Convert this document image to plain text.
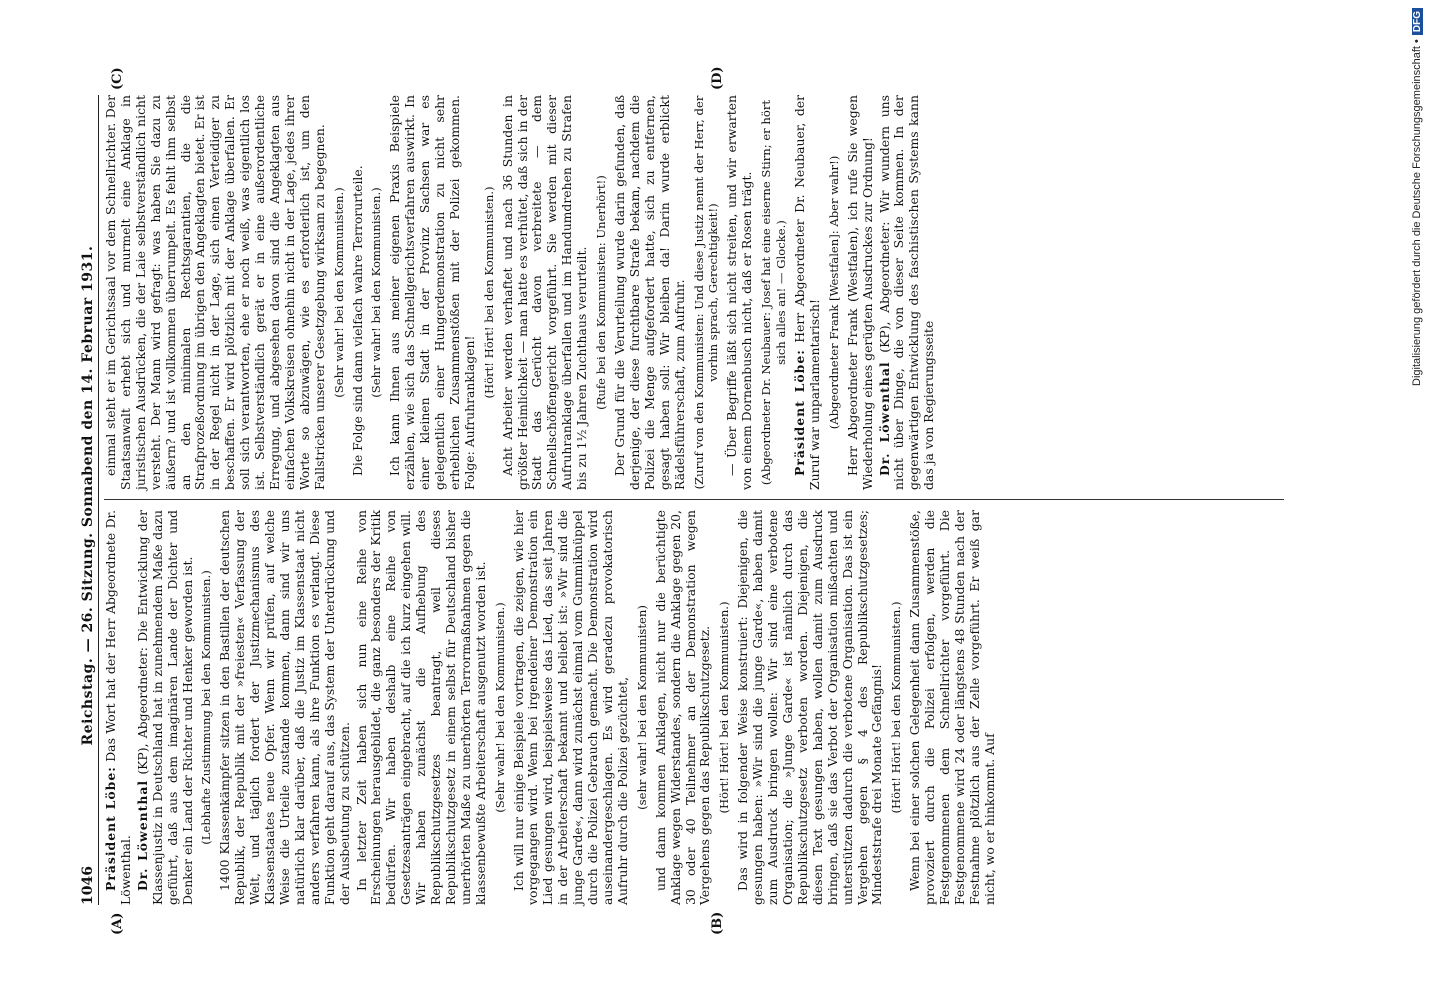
1046
Reichstag. — 26. Sitzung. Sonnabend den 14. Februar 1931.

Präsident Löbe: Das Wort hat der Herr Abgeordnete Dr. Löwenthal. Dr. Löwenthal (KP), Abgeordneter: Die Entwicklung der Klassenjustiz in Deutschland hat in zunehmendem Maße dazu geführt, daß aus dem imaginären Lande der Dichter und Denker ein Land der Richter und Henker geworden ist. (Lebhafte Zustimmung bei den Kommunisten.) 1400 Klassenkämpfer sitzen in den Bastillen der deutschen Republik, der Republik mit der »freiesten« Verfassung der Welt, und täglich fordert der Justizmechanismus des Klassenstaates neue Opfer. Wenn wir prüfen, auf welche Weise die Urteile zustande kommen, dann sind wir uns natürlich klar darüber, daß die Justiz im Klassenstaat nicht anders verfahren kann, als ihre Funktion es verlangt. Diese Funktion geht darauf aus, das System der Unterdrückung und der Ausbeutung zu schützen. In letzter Zeit haben sich nun eine Reihe von Erscheinungen herausgebildet, die ganz besonders der Kritik bedürfen. Wir haben deshalb eine Reihe von Gesetzesanträgen eingebracht, auf die ich kurz eingehen will. Wir haben zunächst die Aufhebung des Republikschutzgesetzes beantragt, weil dieses Republikschutzgesetz in einem selbst für Deutschland bisher unerhörten Maße zu unerhörten Terrormaßnahmen gegen die klassenbewußte Arbeiterschaft ausgenutzt worden ist. (Sehr wahr! bei den Kommunisten.) Ich will nur einige Beispiele vortragen, die zeigen, wie hier vorgegangen wird. Wenn bei irgendeiner Demonstration ein Lied gesungen wird, beispielsweise das Lied, das seit Jahren in der Arbeiterschaft bekannt und beliebt ist: »Wir sind die junge Garde«, dann wird zunächst einmal vom Gummiknüppel durch die Polizei Gebrauch gemacht. Die Demonstration wird auseinandergeschlagen. Es wird geradezu provokatorisch Aufruhr durch die Polizei gezüchtet, (sehr wahr! bei den Kommunisten) und dann kommen Anklagen, nicht nur die berüchtigte Anklage wegen Widerstandes, sondern die Anklage gegen 20, 30 oder 40 Teilnehmer an der Demonstration wegen Vergehens gegen das Republikschutzgesetz. (Hört! Hört! bei den Kommunisten.) Das wird in folgender Weise konstruiert: Diejenigen, die gesungen haben: »Wir sind die junge Garde«, haben damit zum Ausdruck bringen wollen: Wir sind eine verbotene Organisation; die »Junge Garde« ist nämlich durch das Republikschutzgesetz verboten worden. Diejenigen, die diesen Text gesungen haben, wollen damit zum Ausdruck bringen, daß sie das Verbot der Organisation mißachten und unterstützen dadurch die verbotene Organisation. Das ist ein Vergehen gegen § 4 des Republikschutzgesetzes; Mindeststrafe drei Monate Gefängnis! (Hört! Hört! bei den Kommunisten.) Wenn bei einer solchen Gelegenheit dann Zusammenstöße, provoziert durch die Polizei erfolgen, werden die Festgenommenen dem Schnellrichter vorgeführt. Die Festgenommene wird 24 oder längstens 48 Stunden nach der Festnahme plötzlich aus der Zelle vorgeführt. Er weiß gar nicht, wo er hinkommt. Auf

einmal steht er im Gerichtssaal vor dem Schnellrichter. Der Staatsanwalt erhebt sich und murmelt eine Anklage in juristischen Ausdrücken, die der Laie selbstverständlich nicht versteht. Der Mann wird gefragt: was haben Sie dazu zu äußern? und ist vollkommen überrumpelt. Es fehlt ihm selbst an den minimalen Rechtsgarantien, die die Strafprozeßordnung im übrigen den Angeklagten bietet. Er ist in der Regel nicht in der Lage, sich einen Verteidiger zu beschaffen. Er wird plötzlich mit der Anklage überfallen. Er soll sich verantworten, ehe er noch weiß, was eigentlich los ist. Selbstverständlich gerät er in eine außerordentliche Erregung, und abgesehen davon sind die Angeklagten aus einfachen Volkskreisen ohnehin nicht in der Lage, jedes ihrer Worte so abzuwägen, wie es erforderlich ist, um den Fallstricken unserer Gesetzgebung wirksam zu begegnen. (Sehr wahr! bei den Kommunisten.) Die Folge sind dann vielfach wahre Terrorurteile. (Sehr wahr! bei den Kommunisten.) Ich kann Ihnen aus meiner eigenen Praxis Beispiele erzählen, wie sich das Schnellgerichtsverfahren auswirkt. In einer kleinen Stadt in der Provinz Sachsen war es gelegentlich einer Hungerdemonstration zu nicht sehr erheblichen Zusammenstößen mit der Polizei gekommen. Folge: Aufruhranklagen!

(Hört! Hört! bei den Kommunisten.) Acht Arbeiter werden verhaftet und nach 36 Stunden in größter Heimlichkeit — man hatte es verhütet, daß sich in der Stadt das Gerücht davon verbreitete — dem Schnellschöffengericht vorgeführt. Sie werden mit dieser Aufruhranklage überfallen und im Handumdrehen zu Strafen bis zu 1½ Jahren Zuchthaus verurteilt. (Rufe bei den Kommunisten: Unerhört!) Der Grund für die Verurteilung wurde darin gefunden, daß derjenige, der diese furchtbare Strafe bekam, nachdem die Polizei die Menge aufgefordert hatte, sich zu entfernen, gesagt haben soll: Wir bleiben da! Darin wurde erblickt Rädelsführerschaft, zum Aufruhr. (Zuruf von den Kommunisten: Und diese Justiz nennt der Herr, der vorhin sprach, Gerechtigkeit!) — Über Begriffe läßt sich nicht streiten, und wir erwarten von einem Dornenbusch nicht, daß er Rosen trägt. (Abgeordneter Dr. Neubauer: Josef hat eine eiserne Stirn; er hört sich alles an! — Glocke.)

Präsident Löbe: Herr Abgeordneter Dr. Neubauer, der Zuruf war unparlamentarisch! (Abgeordneter Frank [Westfalen]: Aber wahr!) Herr Abgeordneter Frank (Westfalen), ich rufe Sie wegen Wiederholung eines gerügten Ausdruckes zur Ordnung! Dr. Löwenthal (KP), Abgeordneter: Wir wundern uns nicht über Dinge, die von dieser Seite kommen. In der gegenwärtigen Entwicklung des faschistischen Systems kann das ja von Regierungsseite

(A)	(B)
(C)	(D)	Digitalisierung gefördert durch die Deutsche Forschungsgemeinschaft •
DFG
